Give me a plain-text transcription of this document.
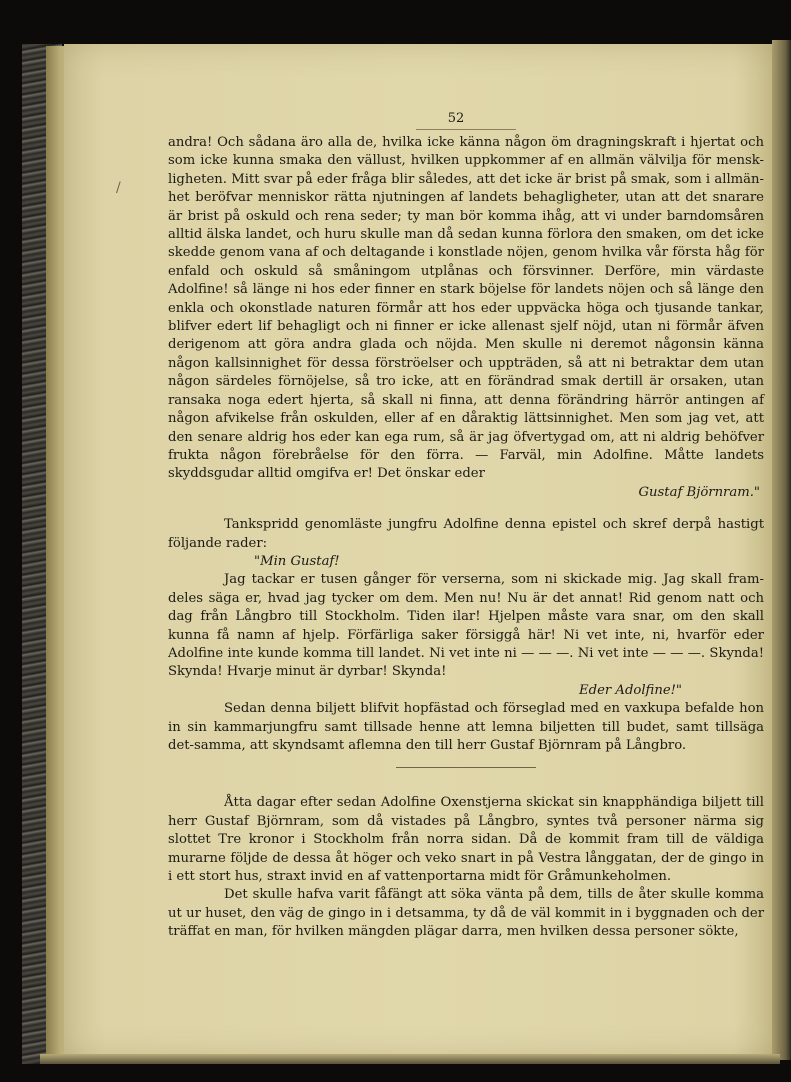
/
52

andra! Och sådana äro alla de, hvilka icke känna någon öm dragningskraft i hjertat och som icke kunna smaka den vällust, hvilken uppkommer af en allmän välvilja för mensk-ligheten. Mitt svar på eder fråga blir således, att det icke är brist på smak, som i allmän-het beröfvar menniskor rätta njutningen af landets behagligheter, utan att det snarare är brist på oskuld och rena seder; ty man bör komma ihåg, att vi under barndomsåren alltid älska landet, och huru skulle man då sedan kunna förlora den smaken, om det icke skedde genom vana af och deltagande i konstlade nöjen, genom hvilka vår första håg för enfald och oskuld så småningom utplånas och försvinner. Derföre, min värdaste Adolfine! så länge ni hos eder finner en stark böjelse för landets nöjen och så länge den enkla och okonstlade naturen förmår att hos eder uppväcka höga och tjusande tankar, blifver edert lif behagligt och ni finner er icke allenast sjelf nöjd, utan ni förmår äfven derigenom att göra andra glada och nöjda. Men skulle ni deremot någonsin känna någon kallsinnighet för dessa förströelser och uppträden, så att ni betraktar dem utan någon särdeles förnöjelse, så tro icke, att en förändrad smak dertill är orsaken, utan ransaka noga edert hjerta, så skall ni finna, att denna förändring härrör antingen af någon afvikelse från oskulden, eller af en dåraktig lättsinnighet. Men som jag vet, att den senare aldrig hos eder kan ega rum, så är jag öfvertygad om, att ni aldrig behöfver frukta någon förebråelse för den förra. — Farväl, min Adolfine. Måtte landets skyddsgudar alltid omgifva er! Det önskar eder

Gustaf Björnram."

Tankspridd genomläste jungfru Adolfine denna epistel och skref derpå hastigt följande rader:

"Min Gustaf!

Jag tackar er tusen gånger för verserna, som ni skickade mig. Jag skall fram-deles säga er, hvad jag tycker om dem. Men nu! Nu är det annat! Rid genom natt och dag från Långbro till Stockholm. Tiden ilar! Hjelpen måste vara snar, om den skall kunna få namn af hjelp. Förfärliga saker försiggå här! Ni vet inte, ni, hvarför eder Adolfine inte kunde komma till landet. Ni vet inte ni — — —. Ni vet inte — — —. Skynda! Skynda! Hvarje minut är dyrbar! Skynda!

Eder Adolfine!"

Sedan denna biljett blifvit hopfästad och förseglad med en vaxkupa befalde hon in sin kammarjungfru samt tillsade henne att lemna biljetten till budet, samt tillsäga det-samma, att skyndsamt aflemna den till herr Gustaf Björnram på Långbro.

Åtta dagar efter sedan Adolfine Oxenstjerna skickat sin knapphändiga biljett till herr Gustaf Björnram, som då vistades på Långbro, syntes två personer närma sig slottet Tre kronor i Stockholm från norra sidan. Då de kommit fram till de väldiga murarne följde de dessa åt höger och veko snart in på Vestra långgatan, der de gingo in i ett stort hus, straxt invid en af vattenportarna midt för Gråmunkeholmen.

Det skulle hafva varit fåfängt att söka vänta på dem, tills de åter skulle komma ut ur huset, den väg de gingo in i detsamma, ty då de väl kommit in i byggnaden och der träffat en man, för hvilken mängden plägar darra, men hvilken dessa personer sökte,
